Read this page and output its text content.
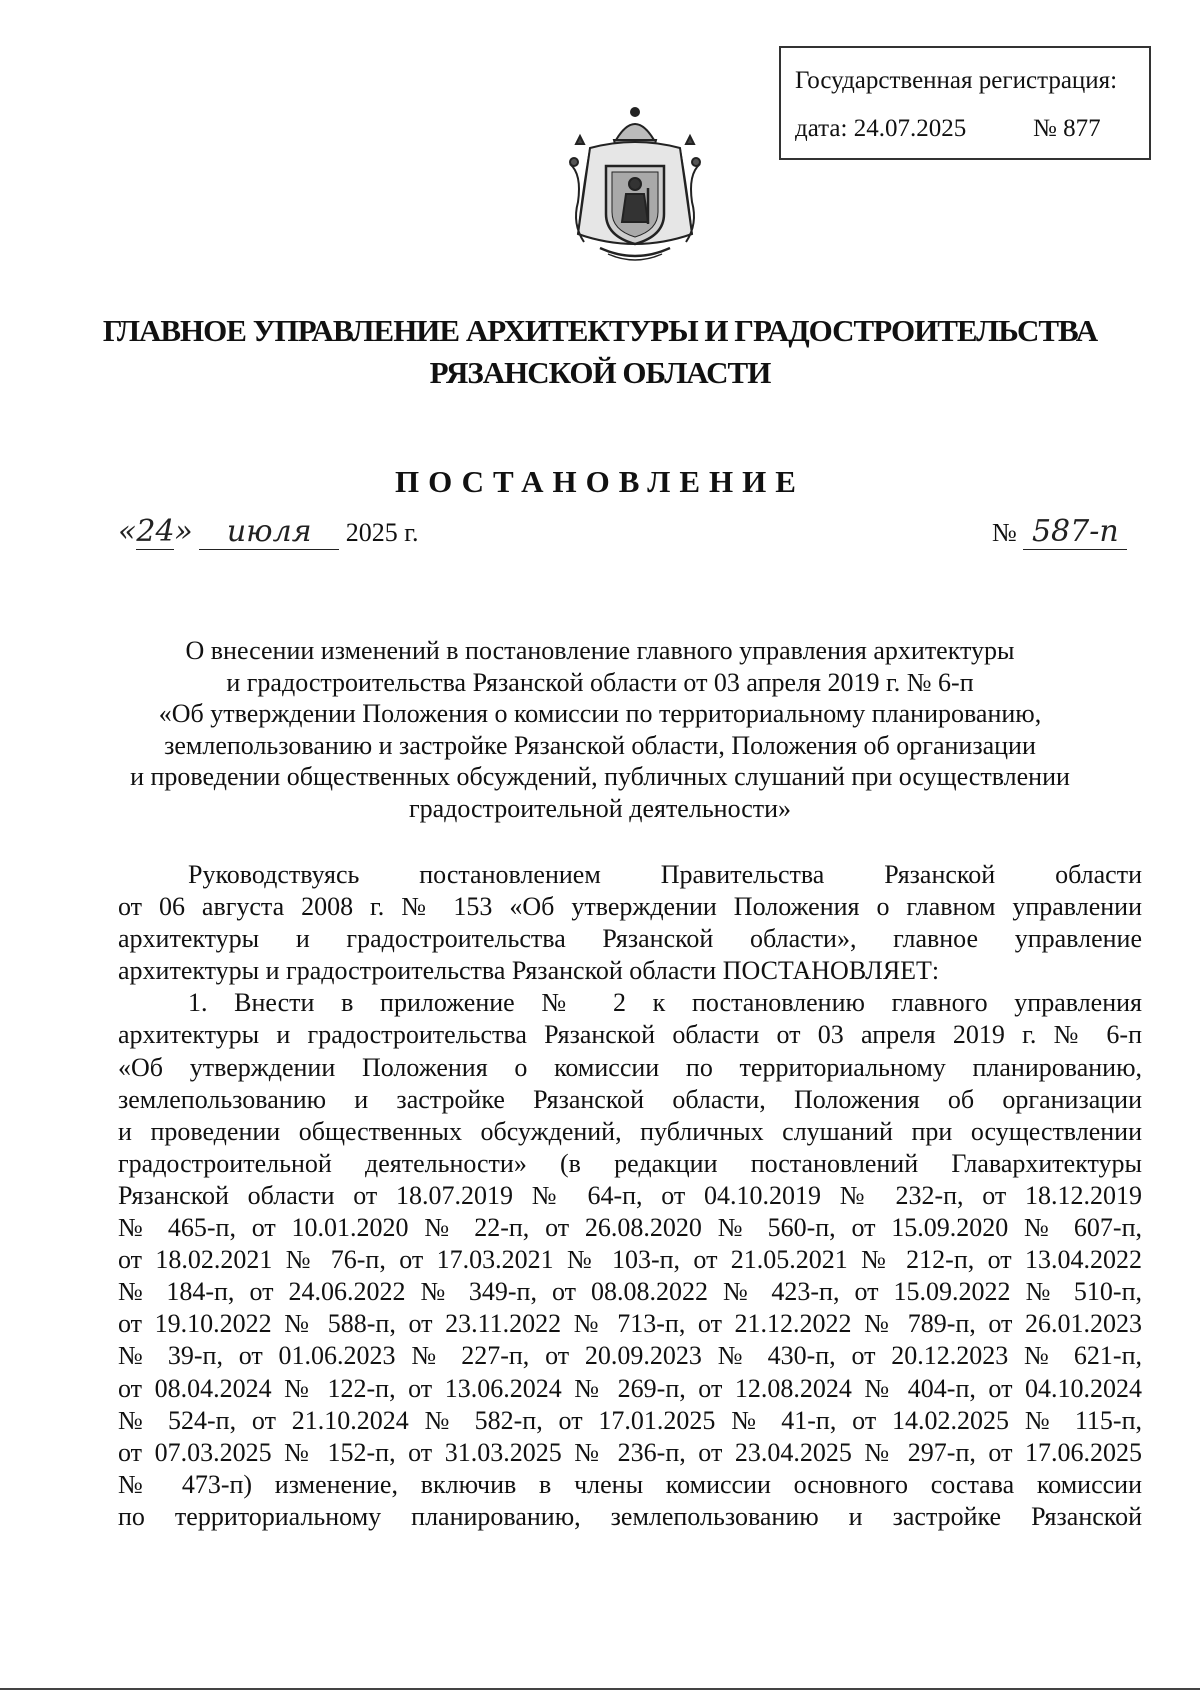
Государственная регистрация:
дата: 24.07.2025	№ 877
ГЛАВНОЕ УПРАВЛЕНИЕ АРХИТЕКТУРЫ И ГРАДОСТРОИТЕЛЬСТВА
РЯЗАНСКОЙ ОБЛАСТИ
ПОСТАНОВЛЕНИЕ
«24» июля 2025 г.	№ 587-п
О внесении изменений в постановление главного управления архитектуры
и градостроительства Рязанской области от 03 апреля 2019 г. № 6-п
«Об утверждении Положения о комиссии по территориальному планированию,
землепользованию и застройке Рязанской области, Положения об организации
и проведении общественных обсуждений, публичных слушаний при осуществлении
градостроительной деятельности»
Руководствуясь постановлением Правительства Рязанской области
от 06 августа 2008 г. № 153 «Об утверждении Положения о главном управлении
архитектуры и градостроительства Рязанской области», главное управление
архитектуры и градостроительства Рязанской области ПОСТАНОВЛЯЕТ:
1. Внести в приложение № 2 к постановлению главного управления
архитектуры и градостроительства Рязанской области от 03 апреля 2019 г. № 6-п
«Об утверждении Положения о комиссии по территориальному планированию,
землепользованию и застройке Рязанской области, Положения об организации
и проведении общественных обсуждений, публичных слушаний при осуществлении
градостроительной деятельности» (в редакции постановлений Главархитектуры
Рязанской области от 18.07.2019 № 64-п, от 04.10.2019 № 232-п, от 18.12.2019
№ 465-п, от 10.01.2020 № 22-п, от 26.08.2020 № 560-п, от 15.09.2020 № 607-п,
от 18.02.2021 № 76-п, от 17.03.2021 № 103-п, от 21.05.2021 № 212-п, от 13.04.2022
№ 184-п, от 24.06.2022 № 349-п, от 08.08.2022 № 423-п, от 15.09.2022 № 510-п,
от 19.10.2022 № 588-п, от 23.11.2022 № 713-п, от 21.12.2022 № 789-п, от 26.01.2023
№ 39-п, от 01.06.2023 № 227-п, от 20.09.2023 № 430-п, от 20.12.2023 № 621-п,
от 08.04.2024 № 122-п, от 13.06.2024 № 269-п, от 12.08.2024 № 404-п, от 04.10.2024
№ 524-п, от 21.10.2024 № 582-п, от 17.01.2025 № 41-п, от 14.02.2025 № 115-п,
от 07.03.2025 № 152-п, от 31.03.2025 № 236-п, от 23.04.2025 № 297-п, от 17.06.2025
№ 473-п) изменение, включив в члены комиссии основного состава комиссии
по территориальному планированию, землепользованию и застройке Рязанской
